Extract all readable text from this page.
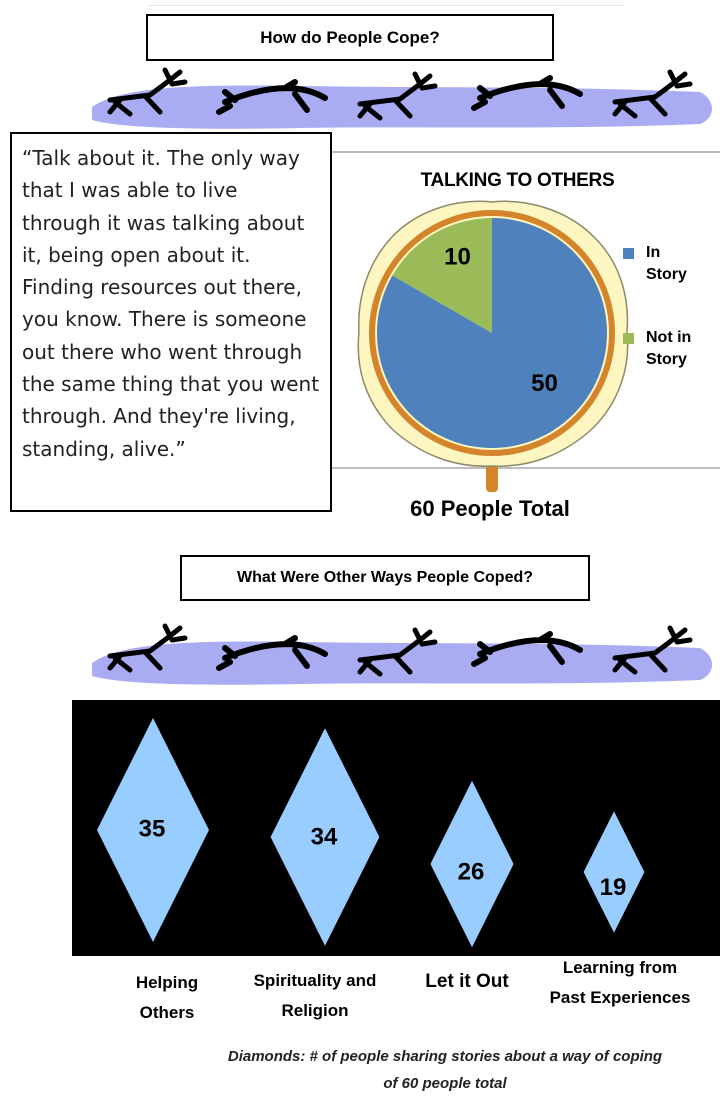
How do People Cope?
“Talk about it. The only way that I was able to live through it was talking about it, being open about it. Finding resources out there, you know. There is someone out there who went through the same thing that you went through. And they're living, standing, alive.”
TALKING TO OTHERS
50
10	In
Story
Not in
Story
60 People Total
What Were Other Ways People Coped?
35	34
26
19
Helping
Others
Spirituality and
Religion
Let it Out
Learning from
Past Experiences
Diamonds: # of people sharing stories about a way of coping
of 60 people total
